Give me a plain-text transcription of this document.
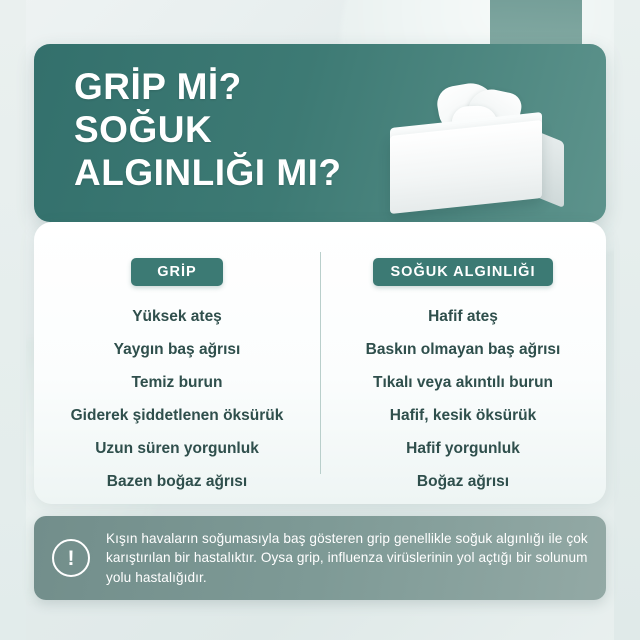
GRİP Mİ?
SOĞUK
ALGINLIĞI MI?
GRİP
Yüksek ateş
Yaygın baş ağrısı
Temiz burun
Giderek şiddetlenen öksürük
Uzun süren yorgunluk
Bazen boğaz ağrısı
SOĞUK ALGINLIĞI
Hafif ateş
Baskın olmayan baş ağrısı
Tıkalı veya akıntılı burun
Hafif, kesik öksürük
Hafif yorgunluk
Boğaz ağrısı
!
Kışın havaların soğumasıyla baş gösteren grip genellikle soğuk algınlığı ile çok karıştırılan bir hastalıktır. Oysa grip, influenza virüslerinin yol açtığı bir solunum yolu hastalığıdır.
